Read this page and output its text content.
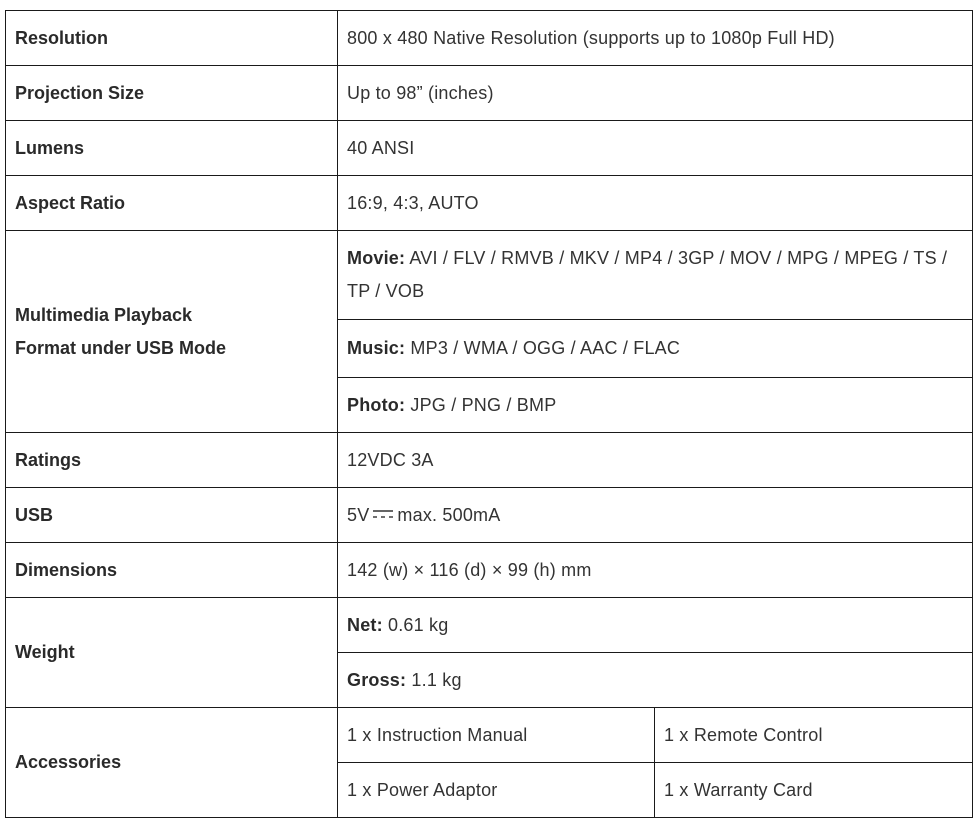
Resolution	800 x 480 Native Resolution (supports up to 1080p Full HD)	
Projection Size	Up to 98” (inches)	
Lumens	40 ANSI	
Aspect Ratio	16:9, 4:3, AUTO	
Multimedia Playback Format under USB Mode	Movie: AVI / FLV / RMVB / MKV / MP4 / 3GP / MOV / MPG / MPEG / TS / TP / VOB	
	Music: MP3 / WMA / OGG / AAC / FLAC	
	Photo: JPG / PNG / BMP	
Ratings	12VDC 3A	
USB	5V max. 500mA	
Dimensions	142 (w) × 116 (d) × 99 (h) mm	
Weight	Net: 0.61 kg	
	Gross: 1.1 kg	
Accessories	1 x Instruction Manual	1 x Remote Control
	1 x Power Adaptor	1 x Warranty Card
